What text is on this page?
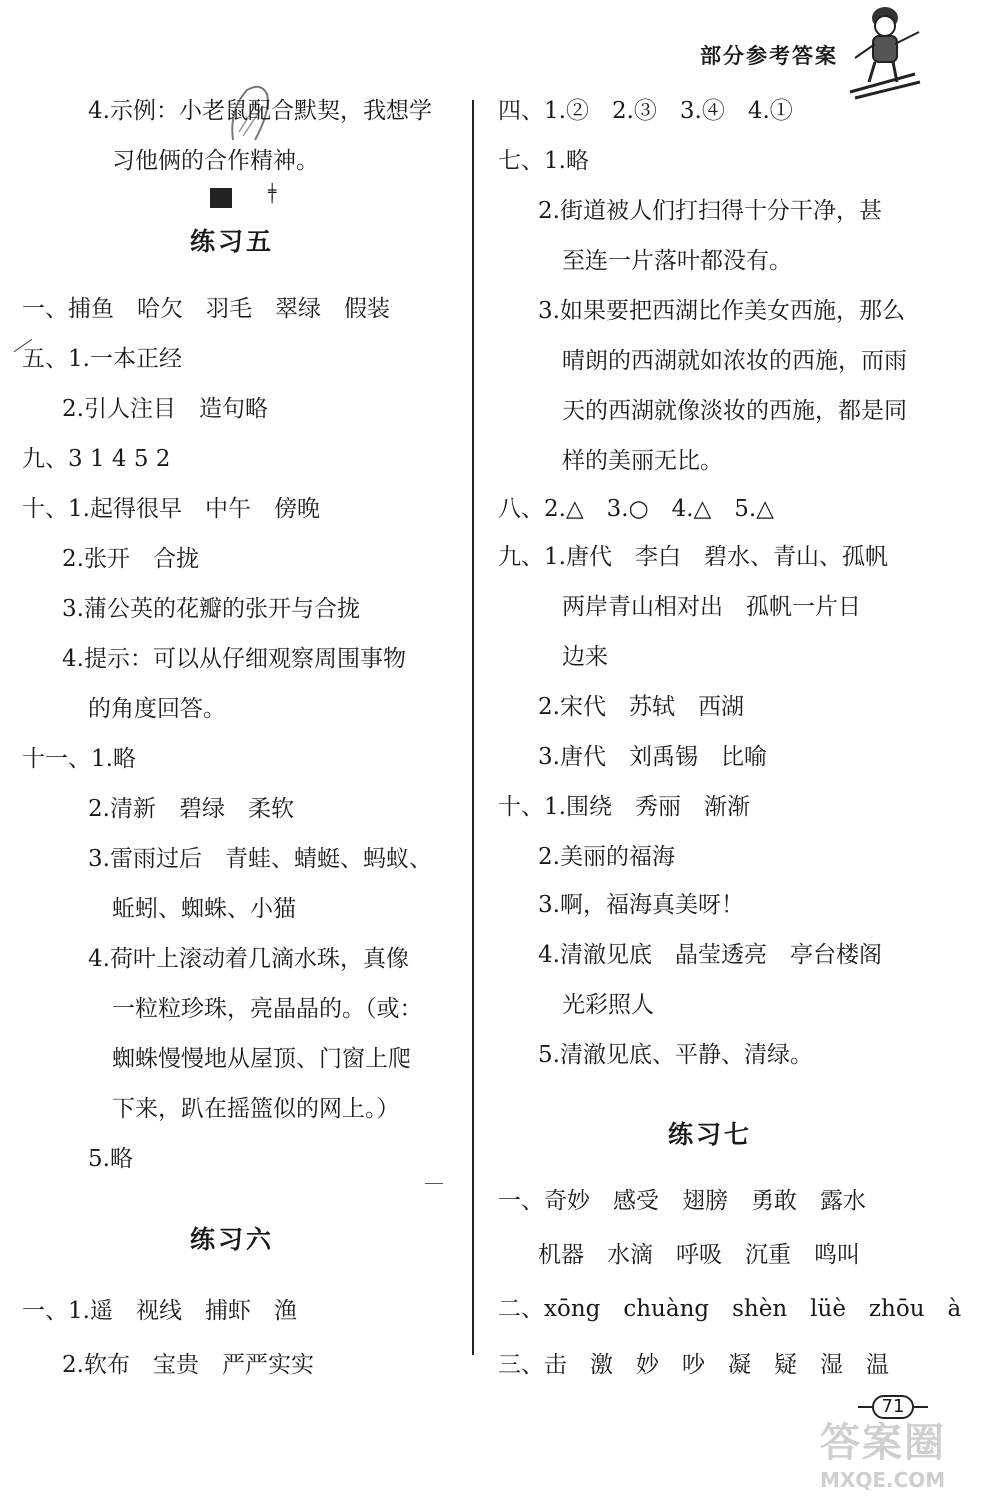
部分参考答案
╪
╵
4.示例：小老鼠配合默契，我想学
习他俩的合作精神。
练习五
一、捕鱼　哈欠　羽毛　翠绿　假装
五、1.一本正经
2.引人注目　造句略
九、3 1 4 5 2
十、1.起得很早　中午　傍晚
2.张开　合拢
3.蒲公英的花瓣的张开与合拢
4.提示：可以从仔细观察周围事物
的角度回答。
十一、1.略
2.清新　碧绿　柔软
3.雷雨过后　青蛙、蜻蜓、蚂蚁、
蚯蚓、蜘蛛、小猫
4.荷叶上滚动着几滴水珠，真像
一粒粒珍珠，亮晶晶的。（或：
蜘蛛慢慢地从屋顶、门窗上爬
下来，趴在摇篮似的网上。）
5.略
练习六
一、1.遥　视线　捕虾　渔
2.软布　宝贵　严严实实
四、1.②　2.③　3.④　4.①
七、1.略
2.街道被人们打扫得十分干净，甚
至连一片落叶都没有。
3.如果要把西湖比作美女西施，那么
晴朗的西湖就如浓妆的西施，而雨
天的西湖就像淡妆的西施，都是同
样的美丽无比。
八、2.△　3.○　4.△　5.△
九、1.唐代　李白　碧水、青山、孤帆
两岸青山相对出　孤帆一片日
边来
2.宋代　苏轼　西湖
3.唐代　刘禹锡　比喻
十、1.围绕　秀丽　渐渐
2.美丽的福海
3.啊，福海真美呀！
4.清澈见底　晶莹透亮　亭台楼阁
光彩照人
5.清澈见底、平静、清绿。
练习七
一、奇妙　感受　翅膀　勇敢　露水
机器　水滴　呼吸　沉重　鸣叫
二、xōng　chuàng　shèn　lüè　zhōu　à
三、击　激　妙　吵　凝　疑　湿　温
71
答案圈
MXQE.COM
